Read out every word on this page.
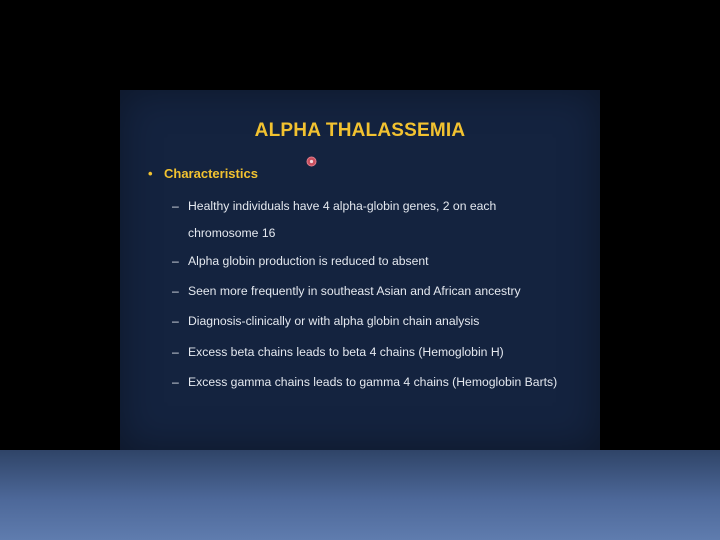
ALPHA THALASSEMIA
• Characteristics
– Healthy individuals have 4 alpha-globin genes, 2 on each chromosome 16
– Alpha globin production is reduced to absent
– Seen more frequently in southeast Asian and African ancestry
– Diagnosis-clinically or with alpha globin chain analysis
– Excess beta chains leads to beta 4 chains (Hemoglobin H)
– Excess gamma chains leads to gamma 4 chains (Hemoglobin Barts)
